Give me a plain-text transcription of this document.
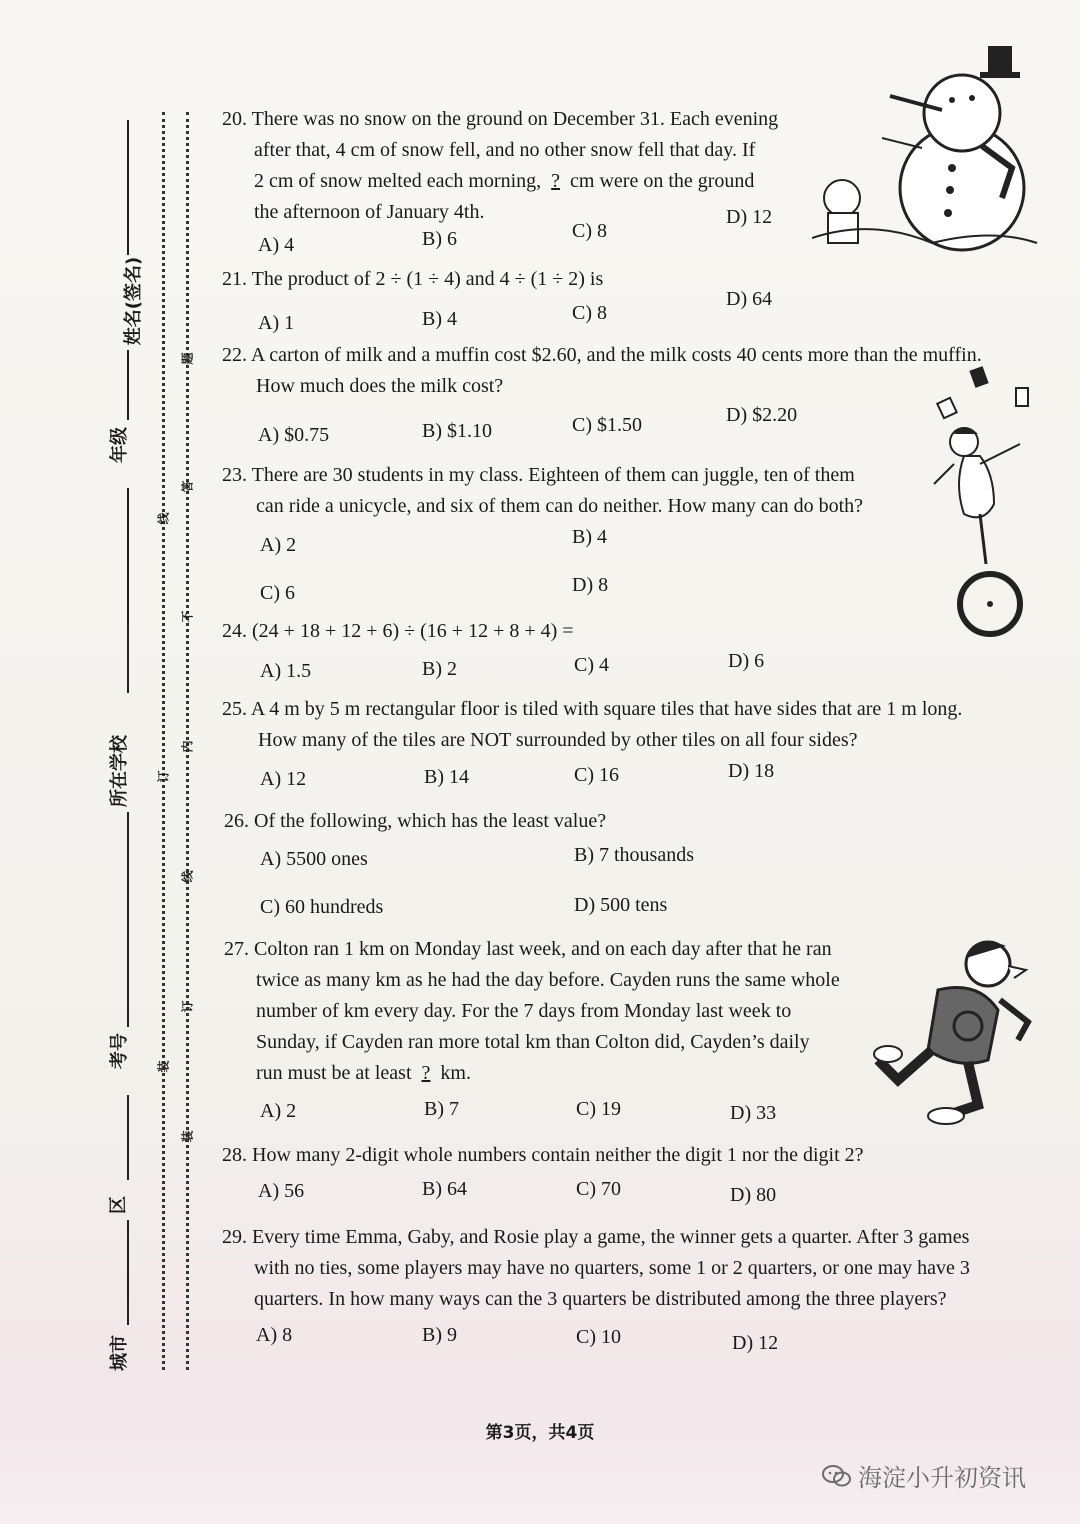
姓名(签名)
年级
所在学校
考号
区
城市
装
订
线
答
题
不
内
线
订
装
20. There was no snow on the ground on December 31. Each evening
after that, 4 cm of snow fell, and no other snow fell that day. If
2 cm of snow melted each morning, ? cm were on the ground
the afternoon of January 4th.
A) 4	B) 6	C) 8
D) 12
21. The product of 2 ÷ (1 ÷ 4) and 4 ÷ (1 ÷ 2) is
A) 1	B) 4	C) 8
D) 64
22. A carton of milk and a muffin cost $2.60, and the milk costs 40 cents more than the muffin.
How much does the milk cost?
A) $0.75	B) $1.10	C) $1.50	D) $2.20
23. There are 30 students in my class. Eighteen of them can juggle, ten of them
can ride a unicycle, and six of them can do neither. How many can do both?
A) 2	B) 4
C) 6	D) 8
24. (24 + 18 + 12 + 6) ÷ (16 + 12 + 8 + 4) =
A) 1.5	B) 2	C) 4	D) 6
25. A 4 m by 5 m rectangular floor is tiled with square tiles that have sides that are 1 m long.
How many of the tiles are NOT surrounded by other tiles on all four sides?
A) 12	B) 14	C) 16	D) 18
26. Of the following, which has the least value?
A) 5500 ones	B) 7 thousands
C) 60 hundreds	D) 500 tens
27. Colton ran 1 km on Monday last week, and on each day after that he ran
twice as many km as he had the day before. Cayden runs the same whole
number of km every day. For the 7 days from Monday last week to
Sunday, if Cayden ran more total km than Colton did, Cayden’s daily
run must be at least ? km.
A) 2	B) 7	C) 19	D) 33
28. How many 2-digit whole numbers contain neither the digit 1 nor the digit 2?
A) 56	B) 64	C) 70	D) 80
29. Every time Emma, Gaby, and Rosie play a game, the winner gets a quarter. After 3 games
with no ties, some players may have no quarters, some 1 or 2 quarters, or one may have 3
quarters. In how many ways can the 3 quarters be distributed among the three players?
A) 8	B) 9	C) 10	D) 12
第3页，共4页
海淀小升初资讯
